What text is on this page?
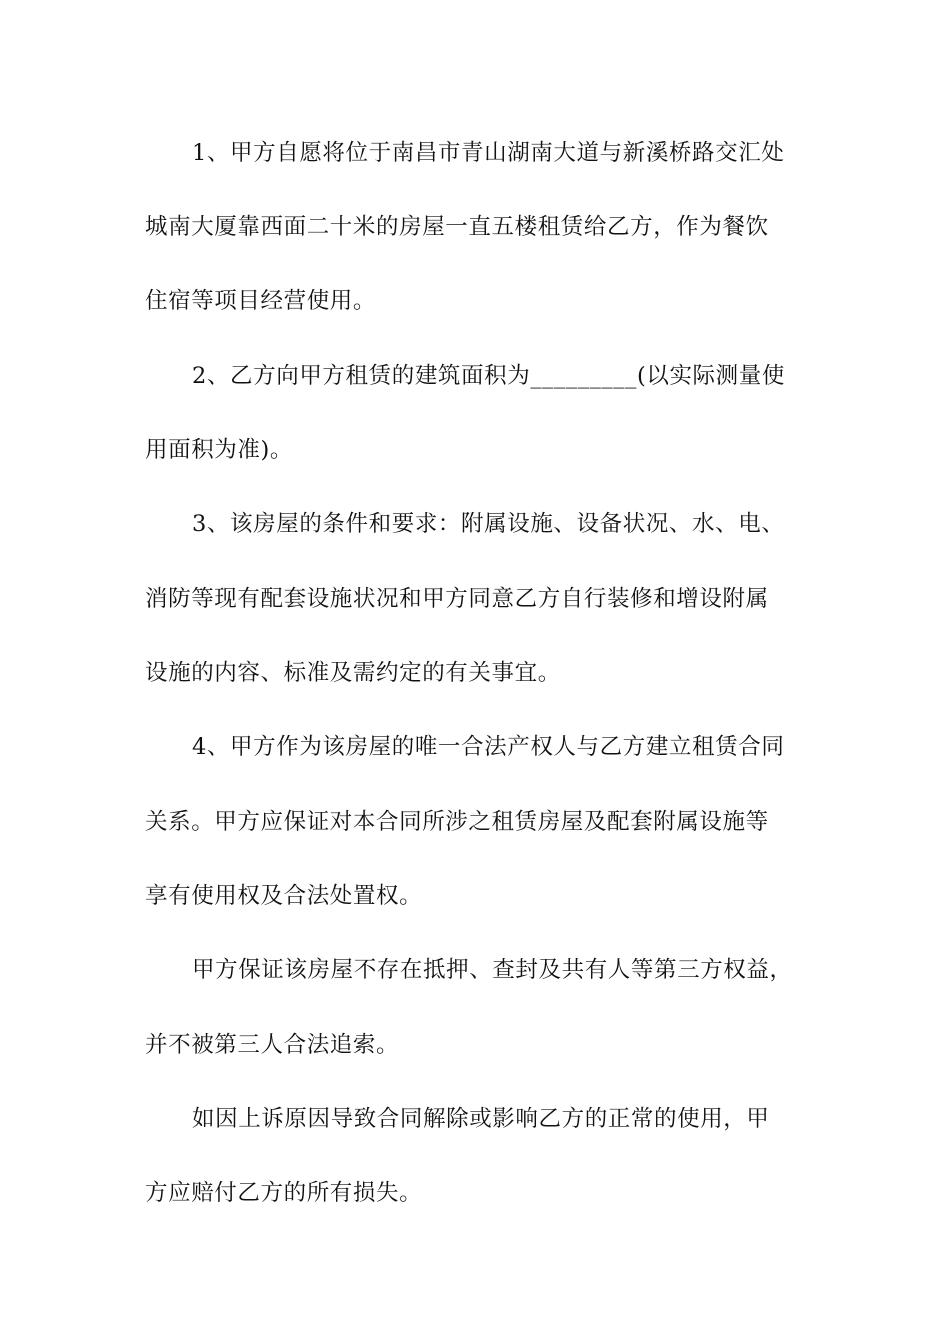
1、甲方自愿将位于南昌市青山湖南大道与新溪桥路交汇处
城南大厦靠西面二十米的房屋一直五楼租赁给乙方，作为餐饮
住宿等项目经营使用。
2、乙方向甲方租赁的建筑面积为_________(以实际测量使
用面积为准)。
3、该房屋的条件和要求：附属设施、设备状况、水、电、
消防等现有配套设施状况和甲方同意乙方自行装修和增设附属
设施的内容、标准及需约定的有关事宜。
4、甲方作为该房屋的唯一合法产权人与乙方建立租赁合同
关系。甲方应保证对本合同所涉之租赁房屋及配套附属设施等
享有使用权及合法处置权。
甲方保证该房屋不存在抵押、查封及共有人等第三方权益，
并不被第三人合法追索。
如因上诉原因导致合同解除或影响乙方的正常的使用，甲
方应赔付乙方的所有损失。
